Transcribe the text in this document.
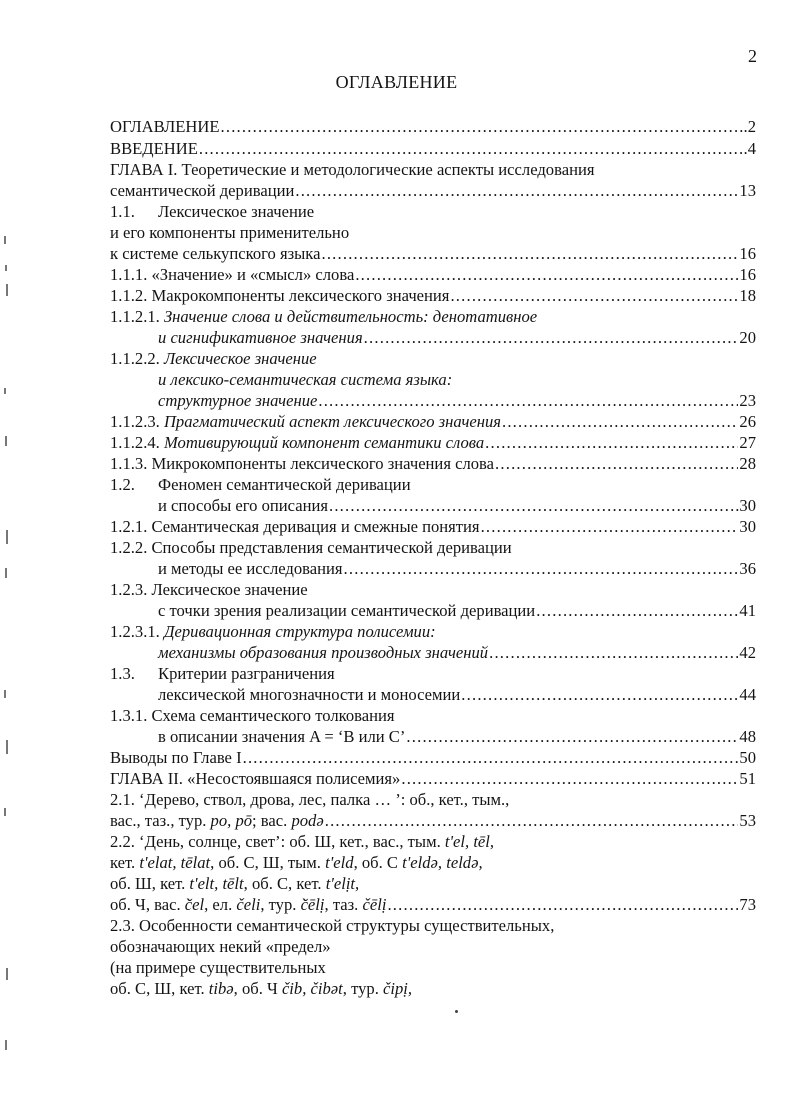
2
ОГЛАВЛЕНИЕ
ОГЛАВЛЕНИЕ .....	.2
ВВЕДЕНИЕ .....	.4
ГЛАВА I. Теоретические и методологические аспекты исследования
семантической деривации .....	13
1.1. Лексическое значение
и его компоненты применительно
к системе селькупского языка .....	16
1.1.1. «Значение» и «смысл» слова .....	16
1.1.2. Макрокомпоненты лексического значения .....	18
1.1.2.1. Значение слова и действительность: денотативное
и сигнификативное значения .....	20
1.1.2.2. Лексическое значение
и лексико-семантическая система языка:
структурное значение .....	23
1.1.2.3. Прагматический аспект лексического значения .....	26
1.1.2.4. Мотивирующий компонент семантики слова .....	27
1.1.3. Микрокомпоненты лексического значения слова .....	28
1.2. Феномен семантической деривации
и способы его описания .....	.30
1.2.1. Семантическая деривация и смежные понятия .....	30
1.2.2. Способы представления семантической деривации
и методы ее исследования .....	36
1.2.3. Лексическое значение
с точки зрения реализации семантической деривации .....	41
1.2.3.1. Деривационная структура полисемии:
механизмы образования производных значений .....	42
1.3. Критерии разграничения
лексической многозначности и моносемии .....	44
1.3.1. Схема семантического толкования
в описании значения A = ‘B или C’ .....	48
Выводы по Главе I .....	50
ГЛАВА II. «Несостоявшаяся полисемия» .....	51
2.1. ‘Дерево, ствол, дрова, лес, палка … ’: об., кет., тым.,
вас., таз., тур. po, pō; вас. podə .....	53
2.2. ‘День, солнце, свет’: об. Ш, кет., вас., тым. t'el, tēl,
кет. t'elat, tēlat, об. С, Ш, тым. t'eld, об. С t'eldə, teldə,
об. Ш, кет. t'elt, tēlt, об. С, кет. t'elịt,
об. Ч, вас. c̆̀el, ел. čeli, тур. c̆̀ēlị, таз. čēlị .....	73
2.3. Особенности семантической структуры существительных,
обозначающих некий «предел»
(на примере существительных
об. С, Ш, кет. tibə, об. Ч čib, čibət, тур. čipị,
